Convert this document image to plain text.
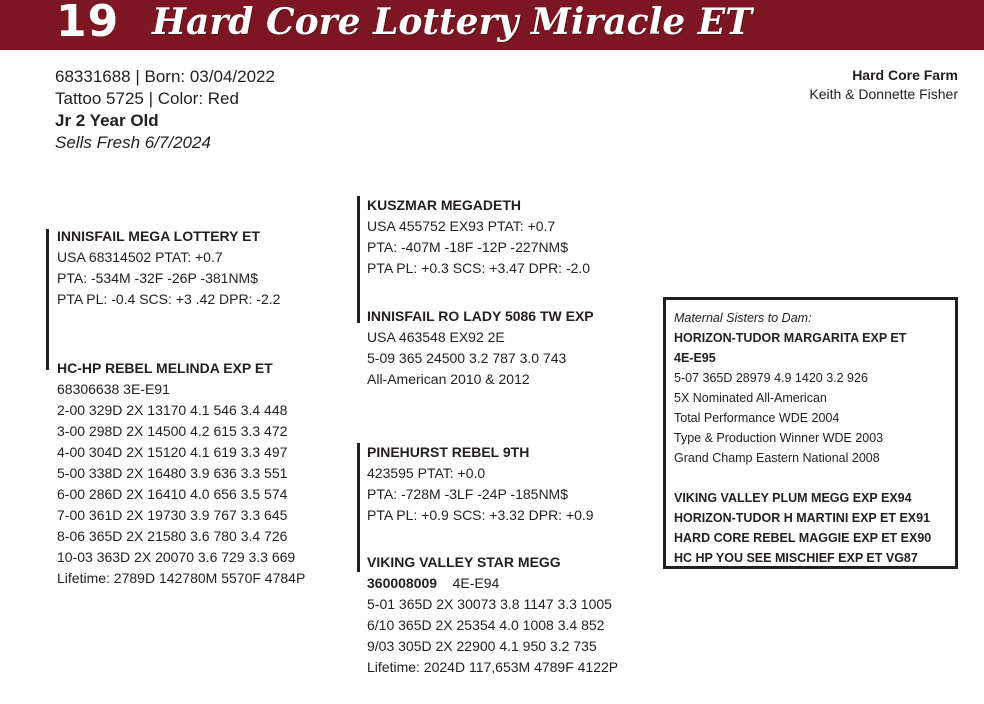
19 Hard Core Lottery Miracle ET
68331688 | Born: 03/04/2022
Tattoo 5725 | Color: Red
Jr 2 Year Old
Sells Fresh 6/7/2024
Hard Core Farm
Keith & Donnette Fisher
INNISFAIL MEGA LOTTERY ET
USA 68314502 PTAT: +0.7
PTA: -534M -32F -26P -381NM$
PTA PL: -0.4 SCS: +3 .42 DPR: -2.2
HC-HP REBEL MELINDA EXP ET
68306638 3E-E91
2-00 329D 2X 13170 4.1 546 3.4 448
3-00 298D 2X 14500 4.2 615 3.3 472
4-00 304D 2X 15120 4.1 619 3.3 497
5-00 338D 2X 16480 3.9 636 3.3 551
6-00 286D 2X 16410 4.0 656 3.5 574
7-00 361D 2X 19730 3.9 767 3.3 645
8-06 365D 2X 21580 3.6 780 3.4 726
10-03 363D 2X 20070 3.6 729 3.3 669
Lifetime: 2789D 142780M 5570F 4784P
KUSZMAR MEGADETH
USA 455752 EX93 PTAT: +0.7
PTA: -407M -18F -12P -227NM$
PTA PL: +0.3 SCS: +3.47 DPR: -2.0
INNISFAIL RO LADY 5086 TW EXP
USA 463548 EX92 2E
5-09 365 24500 3.2 787 3.0 743
All-American 2010 & 2012
PINEHURST REBEL 9TH
423595 PTAT: +0.0
PTA: -728M -3LF -24P -185NM$
PTA PL: +0.9 SCS: +3.32 DPR: +0.9
VIKING VALLEY STAR MEGG
360008009    4E-E94
5-01 365D 2X 30073 3.8 1147 3.3 1005
6/10 365D 2X 25354 4.0 1008 3.4 852
9/03 305D 2X 22900 4.1 950 3.2 735
Lifetime: 2024D 117,653M 4789F 4122P
Maternal Sisters to Dam:
HORIZON-TUDOR MARGARITA EXP ET
4E-E95
5-07 365D 28979 4.9 1420 3.2 926
5X Nominated All-American
Total Performance WDE 2004
Type & Production Winner WDE 2003
Grand Champ Eastern National 2008
VIKING VALLEY PLUM MEGG EXP EX94
HORIZON-TUDOR H MARTINI EXP ET EX91
HARD CORE REBEL MAGGIE EXP ET EX90
HC HP YOU SEE MISCHIEF EXP ET VG87
